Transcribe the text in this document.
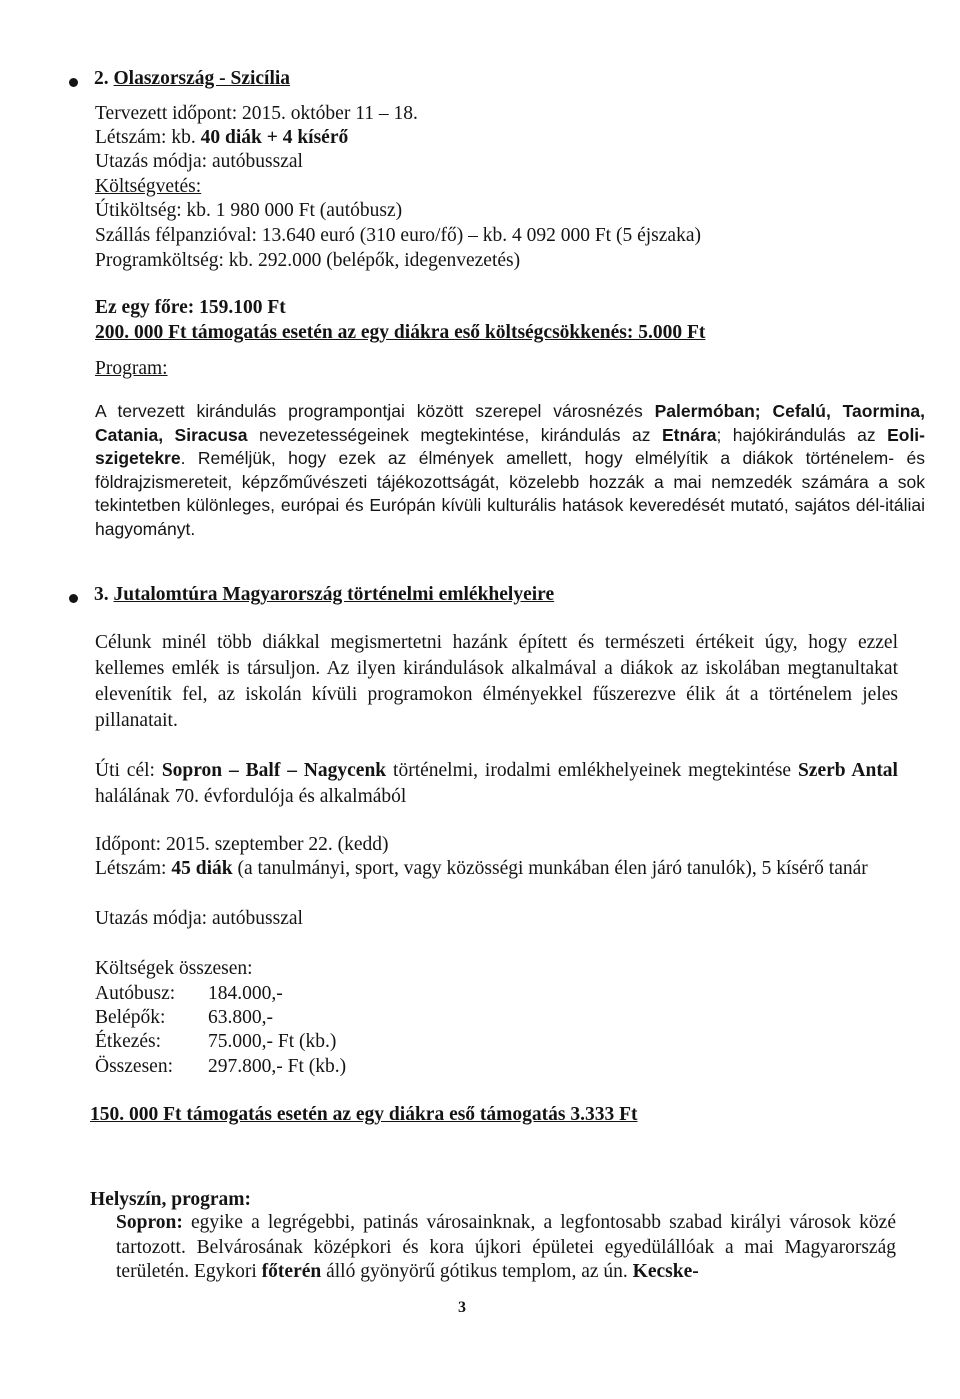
2. Olaszország - Szicília
Tervezett időpont: 2015. október 11 – 18.
Létszám: kb. 40 diák + 4 kísérő
Utazás módja: autóbusszal
Költségvetés:
Útiköltség: kb. 1 980 000 Ft (autóbusz)
Szállás félpanzióval: 13.640 euró (310 euro/fő) – kb. 4 092 000 Ft (5 éjszaka)
Programköltség: kb. 292.000 (belépők, idegenvezetés)
Ez egy főre: 159.100 Ft
200. 000 Ft támogatás esetén az egy diákra eső költségcsökkenés: 5.000 Ft
Program:
A tervezett kirándulás programpontjai között szerepel városnézés Palermóban; Cefalú, Taormina, Catania, Siracusa nevezetességeinek megtekintése, kirándulás az Etnára; hajókirándulás az Eoli-szigetekre. Reméljük, hogy ezek az élmények amellett, hogy elmélyítik a diákok történelem- és földrajzismereteit, képzőművészeti tájékozottságát, közelebb hozzák a mai nemzedék számára a sok tekintetben különleges, európai és Európán kívüli kulturális hatások keveredését mutató, sajátos dél-itáliai hagyományt.
3. Jutalomtúra Magyarország történelmi emlékhelyeire
Célunk minél több diákkal megismertetni hazánk épített és természeti értékeit úgy, hogy ezzel kellemes emlék is társuljon. Az ilyen kirándulások alkalmával a diákok az iskolában megtanultakat elevenítik fel, az iskolán kívüli programokon élményekkel fűszerezve élik át a történelem jeles pillanatait.
Úti cél: Sopron – Balf – Nagycenk történelmi, irodalmi emlékhelyeinek megtekintése Szerb Antal halálának 70. évfordulója és alkalmából
Időpont: 2015. szeptember 22. (kedd)
Létszám: 45 diák (a tanulmányi, sport, vagy közösségi munkában élen járó tanulók), 5 kísérő tanár
Utazás módja: autóbusszal
Költségek összesen:
Autóbusz: 184.000,-
Belépők: 63.800,-
Étkezés: 75.000,- Ft (kb.)
Összesen: 297.800,- Ft (kb.)
150. 000 Ft támogatás esetén az egy diákra eső támogatás 3.333 Ft
Helyszín, program:
Sopron: egyike a legrégebbi, patinás városainknak, a legfontosabb szabad királyi városok közé tartozott. Belvárosának középkori és kora újkori épületei egyedülállóak a mai Magyarország területén. Egykori főterén álló gyönyörű gótikus templom, az ún. Kecske-
3
